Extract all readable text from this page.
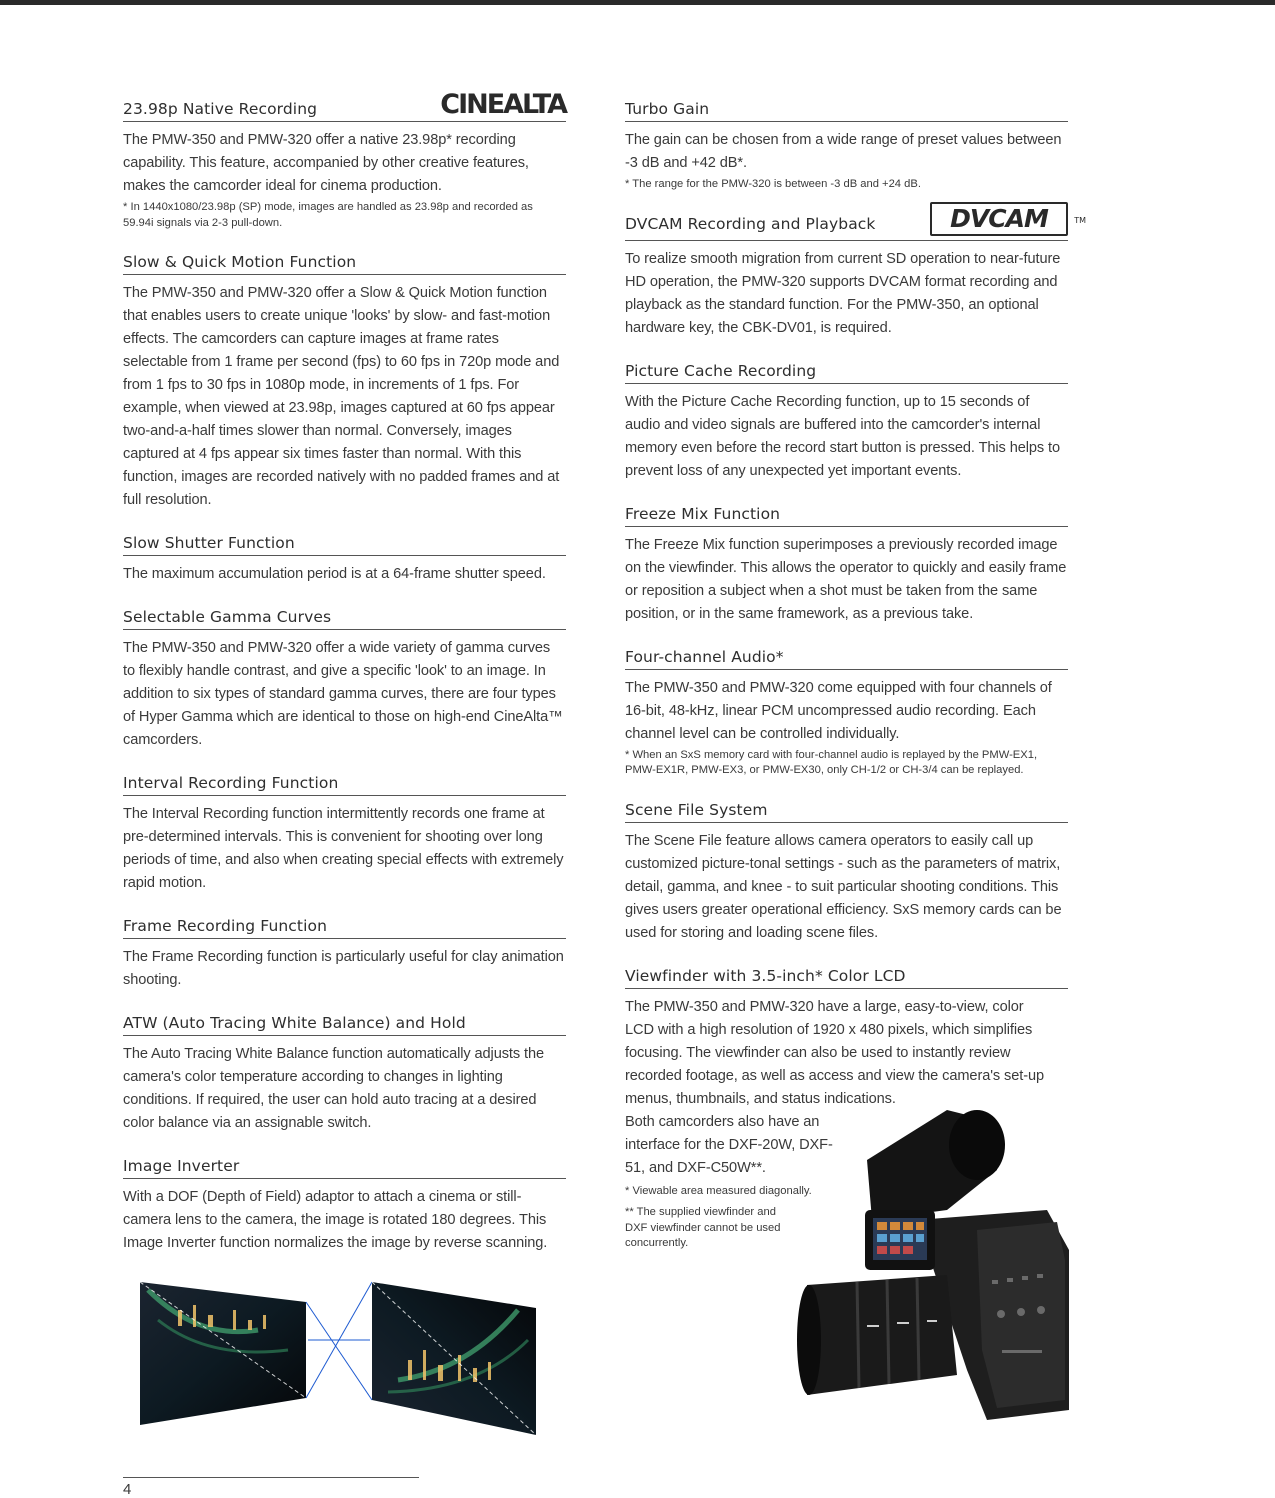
23.98p Native Recording	CINEALTA
The PMW-350 and PMW-320 offer a native 23.98p* recording capability. This feature, accompanied by other creative features, makes the camcorder ideal for cinema production.
* In 1440x1080/23.98p (SP) mode, images are handled as 23.98p and recorded as 59.94i signals via 2-3 pull-down.
Slow & Quick Motion Function
The PMW-350 and PMW-320 offer a Slow & Quick Motion function that enables users to create unique 'looks' by slow- and fast-motion effects. The camcorders can capture images at frame rates selectable from 1 frame per second (fps) to 60 fps in 720p mode and from 1 fps to 30 fps in 1080p mode, in increments of 1 fps. For example, when viewed at 23.98p, images captured at 60 fps appear two-and-a-half times slower than normal. Conversely, images captured at 4 fps appear six times faster than normal. With this function, images are recorded natively with no padded frames and at full resolution.
Slow Shutter Function
The maximum accumulation period is at a 64-frame shutter speed.
Selectable Gamma Curves
The PMW-350 and PMW-320 offer a wide variety of gamma curves to flexibly handle contrast, and give a specific 'look' to an image. In addition to six types of standard gamma curves, there are four types of Hyper Gamma which are identical to those on high-end CineAlta™ camcorders.
Interval Recording Function
The Interval Recording function intermittently records one frame at pre-determined intervals. This is convenient for shooting over long periods of time, and also when creating special effects with extremely rapid motion.
Frame Recording Function
The Frame Recording function is particularly useful for clay animation shooting.
ATW (Auto Tracing White Balance) and Hold
The Auto Tracing White Balance function automatically adjusts the camera's color temperature according to changes in lighting conditions. If required, the user can hold auto tracing at a desired color balance via an assignable switch.
Image Inverter
With a DOF (Depth of Field) adaptor to attach a cinema or still-camera lens to the camera, the image is rotated 180 degrees. This Image Inverter function normalizes the image by reverse scanning.
Turbo Gain
The gain can be chosen from a wide range of preset values between -3 dB and +42 dB*.
* The range for the PMW-320 is between -3 dB and +24 dB.
DVCAM Recording and Playback	DVCAM	TM
To realize smooth migration from current SD operation to near-future HD operation, the PMW-320 supports DVCAM format recording and playback as the standard function. For the PMW-350, an optional hardware key, the CBK-DV01, is required.
Picture Cache Recording
With the Picture Cache Recording function, up to 15 seconds of audio and video signals are buffered into the camcorder's internal memory even before the record start button is pressed. This helps to prevent loss of any unexpected yet important events.
Freeze Mix Function
The Freeze Mix function superimposes a previously recorded image on the viewfinder. This allows the operator to quickly and easily frame or reposition a subject when a shot must be taken from the same position, or in the same framework, as a previous take.
Four-channel Audio*
The PMW-350 and PMW-320 come equipped with four channels of 16-bit, 48-kHz, linear PCM uncompressed audio recording. Each channel level can be controlled individually.
* When an SxS memory card with four-channel audio is replayed by the PMW-EX1, PMW-EX1R, PMW-EX3, or PMW-EX30, only CH-1/2 or CH-3/4 can be replayed.
Scene File System
The Scene File feature allows camera operators to easily call up customized picture-tonal settings - such as the parameters of matrix, detail, gamma, and knee - to suit particular shooting conditions. This gives users greater operational efficiency. SxS memory cards can be used for storing and loading scene files.
Viewfinder with 3.5-inch* Color LCD
The PMW-350 and PMW-320 have a large, easy-to-view, color LCD with a high resolution of 1920 x 480 pixels, which simplifies focusing. The viewfinder can also be used to instantly review recorded footage, as well as access and view the camera's set-up menus, thumbnails, and status indications.
Both camcorders also have an interface for the DXF-20W, DXF-51, and DXF-C50W**.
* Viewable area measured diagonally.
** The supplied viewfinder and DXF viewfinder cannot be used concurrently.
4
